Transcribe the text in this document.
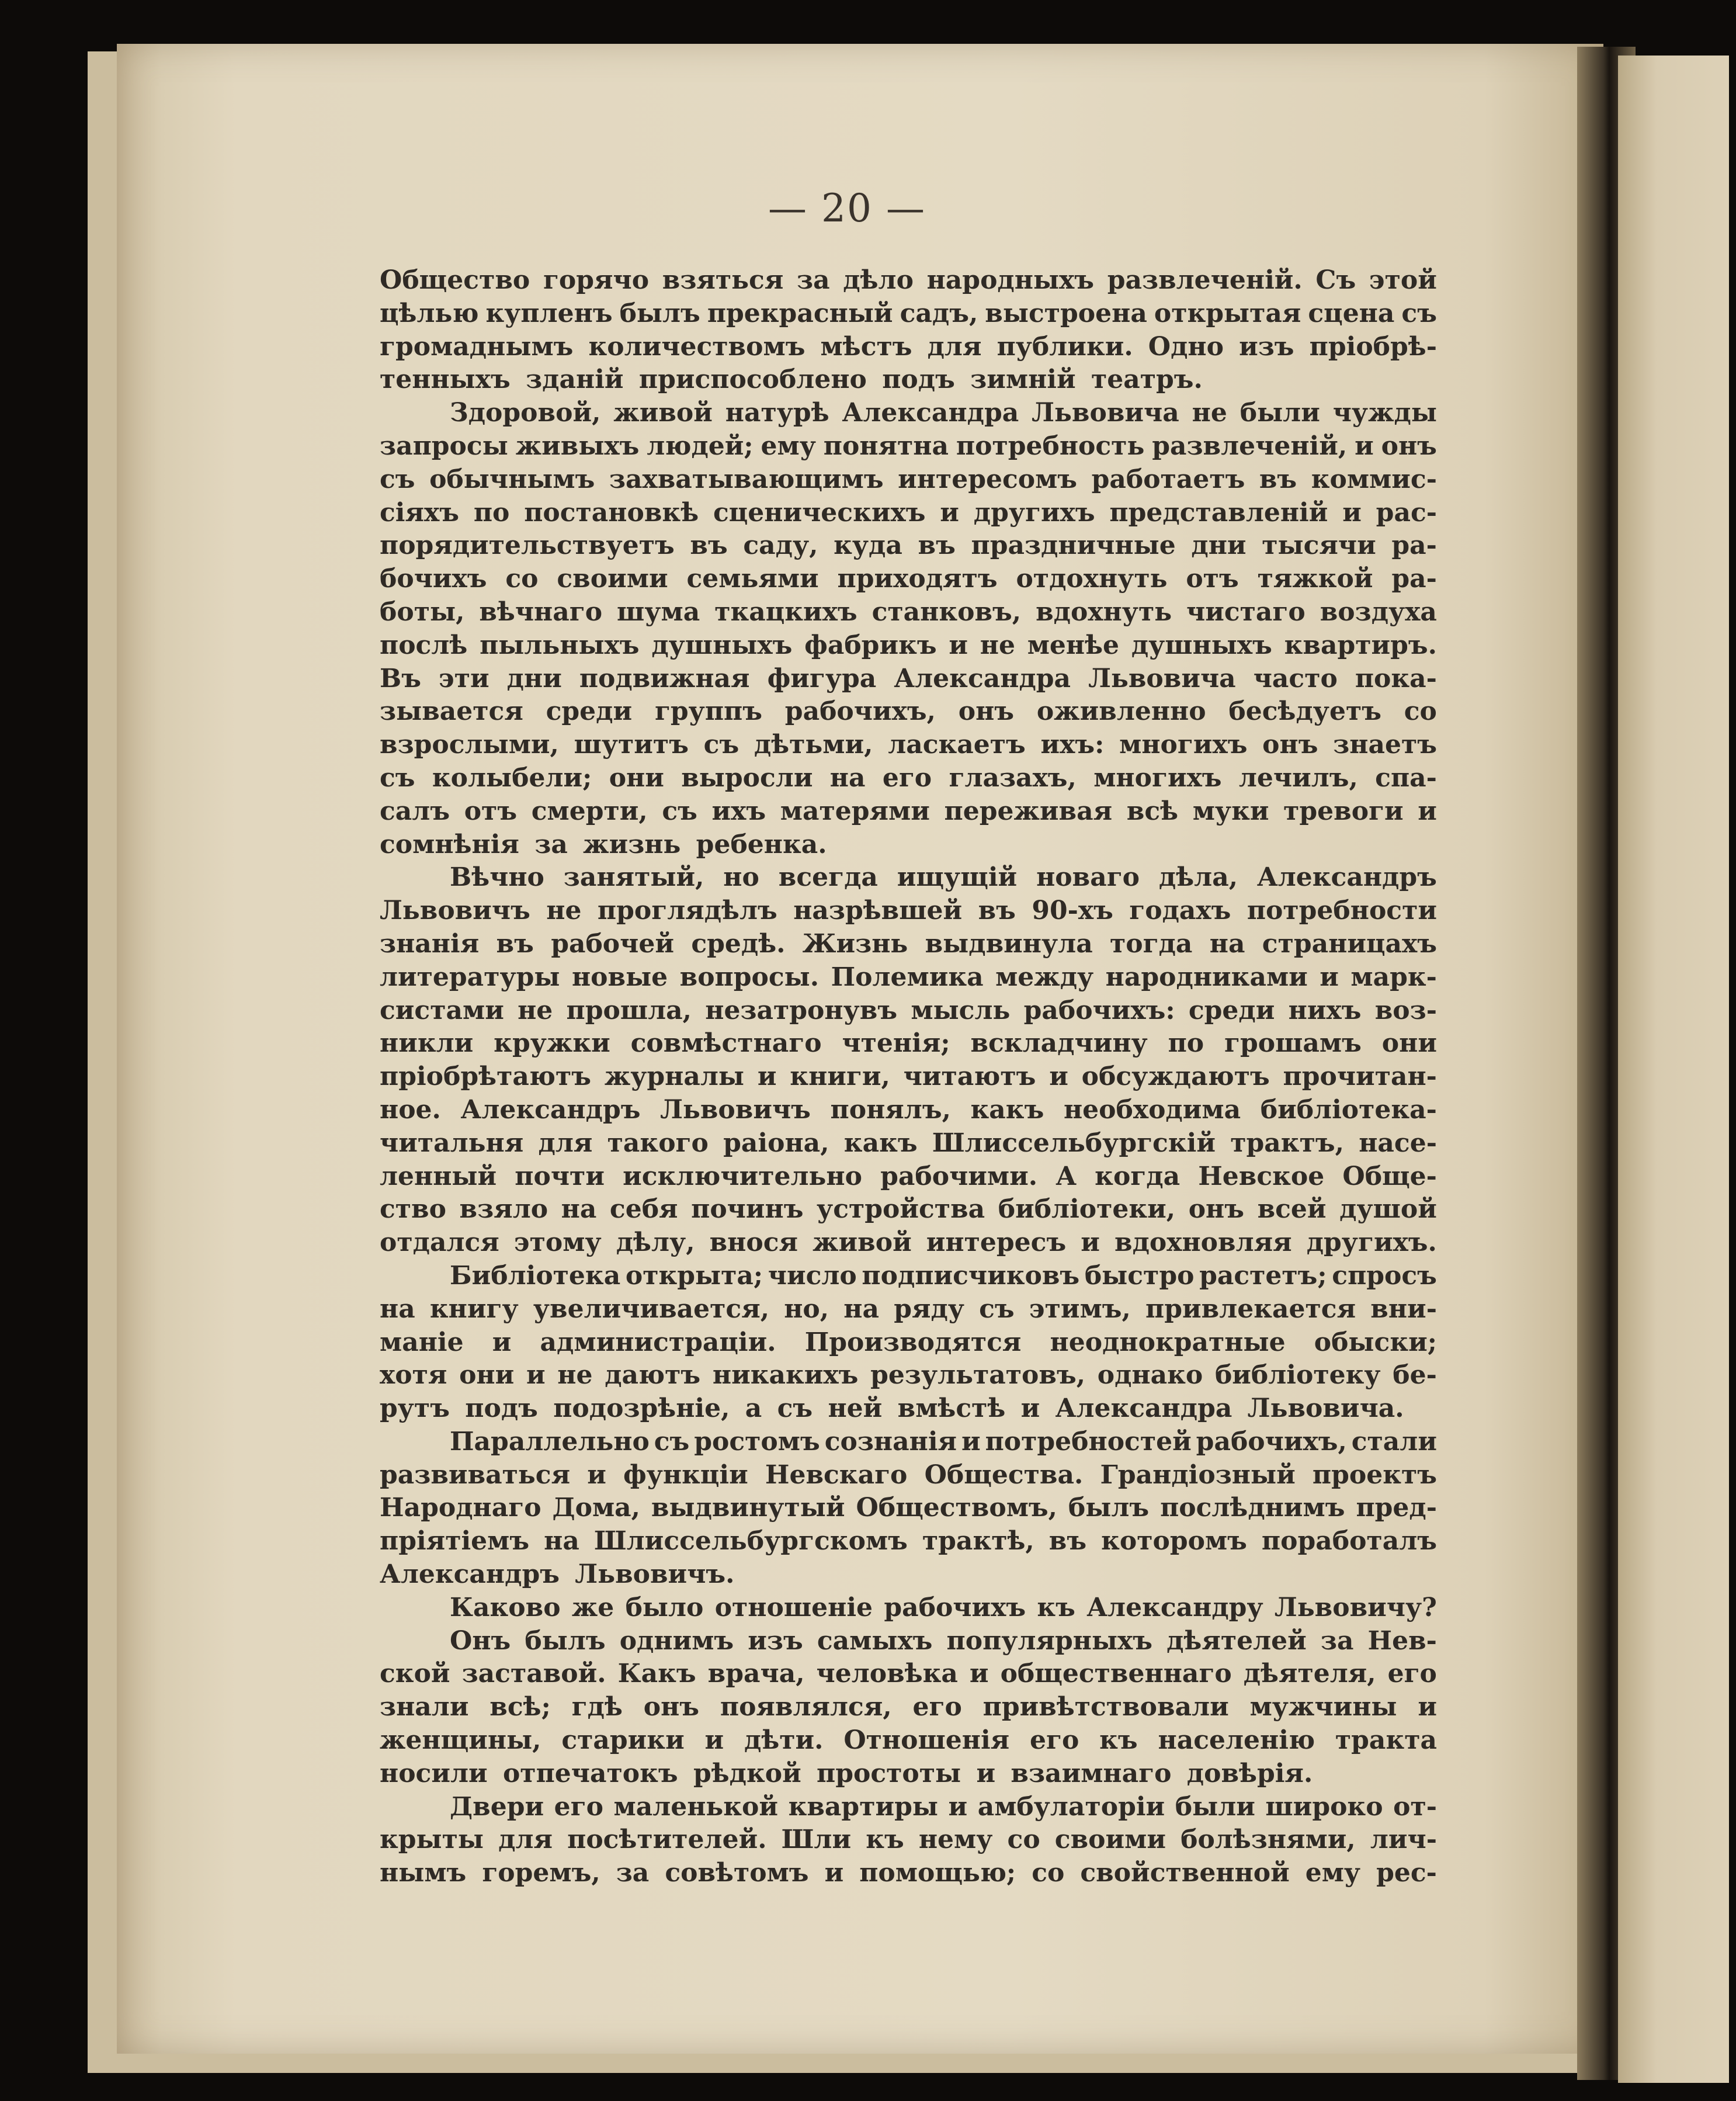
— 20 —
Общество горячо взяться за дѣло народныхъ развлеченій. Съ этой
цѣлью купленъ былъ прекрасный садъ, выстроена открытая сцена съ
громаднымъ количествомъ мѣстъ для публики. Одно изъ пріобрѣ-
тенныхъ зданій приспособлено подъ зимній театръ.
Здоровой, живой натурѣ Александра Львовича не были чужды
запросы живыхъ людей; ему понятна потребность развлеченій, и онъ
съ обычнымъ захватывающимъ интересомъ работаетъ въ коммис-
сіяхъ по постановкѣ сценическихъ и другихъ представленій и рас-
порядительствуетъ въ саду, куда въ праздничные дни тысячи ра-
бочихъ со своими семьями приходятъ отдохнуть отъ тяжкой ра-
боты, вѣчнаго шума ткацкихъ станковъ, вдохнуть чистаго воздуха
послѣ пыльныхъ душныхъ фабрикъ и не менѣе душныхъ квартиръ.
Въ эти дни подвижная фигура Александра Львовича часто пока-
зывается среди группъ рабочихъ, онъ оживленно бесѣдуетъ со
взрослыми, шутитъ съ дѣтьми, ласкаетъ ихъ: многихъ онъ знаетъ
съ колыбели; они выросли на его глазахъ, многихъ лечилъ, спа-
салъ отъ смерти, съ ихъ матерями переживая всѣ муки тревоги и
сомнѣнія за жизнь ребенка.
Вѣчно занятый, но всегда ищущій новаго дѣла, Александръ
Львовичъ не проглядѣлъ назрѣвшей въ 90-хъ годахъ потребности
знанія въ рабочей средѣ. Жизнь выдвинула тогда на страницахъ
литературы новые вопросы. Полемика между народниками и марк-
систами не прошла, незатронувъ мысль рабочихъ: среди нихъ воз-
никли кружки совмѣстнаго чтенія; вскладчину по грошамъ они
пріобрѣтаютъ журналы и книги, читаютъ и обсуждаютъ прочитан-
ное. Александръ Львовичъ понялъ, какъ необходима библіотека-
читальня для такого раіона, какъ Шлиссельбургскій трактъ, насе-
ленный почти исключительно рабочими. А когда Невское Обще-
ство взяло на себя починъ устройства библіотеки, онъ всей душой
отдался этому дѣлу, внося живой интересъ и вдохновляя другихъ.
Библіотека открыта; число подписчиковъ быстро растетъ; спросъ
на книгу увеличивается, но, на ряду съ этимъ, привлекается вни-
маніе и администраціи. Производятся неоднократные обыски;
хотя они и не даютъ никакихъ результатовъ, однако библіотеку бе-
рутъ подъ подозрѣніе, а съ ней вмѣстѣ и Александра Львовича.
Параллельно съ ростомъ сознанія и потребностей рабочихъ, стали
развиваться и функціи Невскаго Общества. Грандіозный проектъ
Народнаго Дома, выдвинутый Обществомъ, былъ послѣднимъ пред-
пріятіемъ на Шлиссельбургскомъ трактѣ, въ которомъ поработалъ
Александръ Львовичъ.
Каково же было отношеніе рабочихъ къ Александру Львовичу?
Онъ былъ однимъ изъ самыхъ популярныхъ дѣятелей за Нев-
ской заставой. Какъ врача, человѣка и общественнаго дѣятеля, его
знали всѣ; гдѣ онъ появлялся, его привѣтствовали мужчины и
женщины, старики и дѣти. Отношенія его къ населенію тракта
носили отпечатокъ рѣдкой простоты и взаимнаго довѣрія.
Двери его маленькой квартиры и амбулаторіи были широко от-
крыты для посѣтителей. Шли къ нему со своими болѣзнями, лич-
нымъ горемъ, за совѣтомъ и помощью; со свойственной ему рес-
